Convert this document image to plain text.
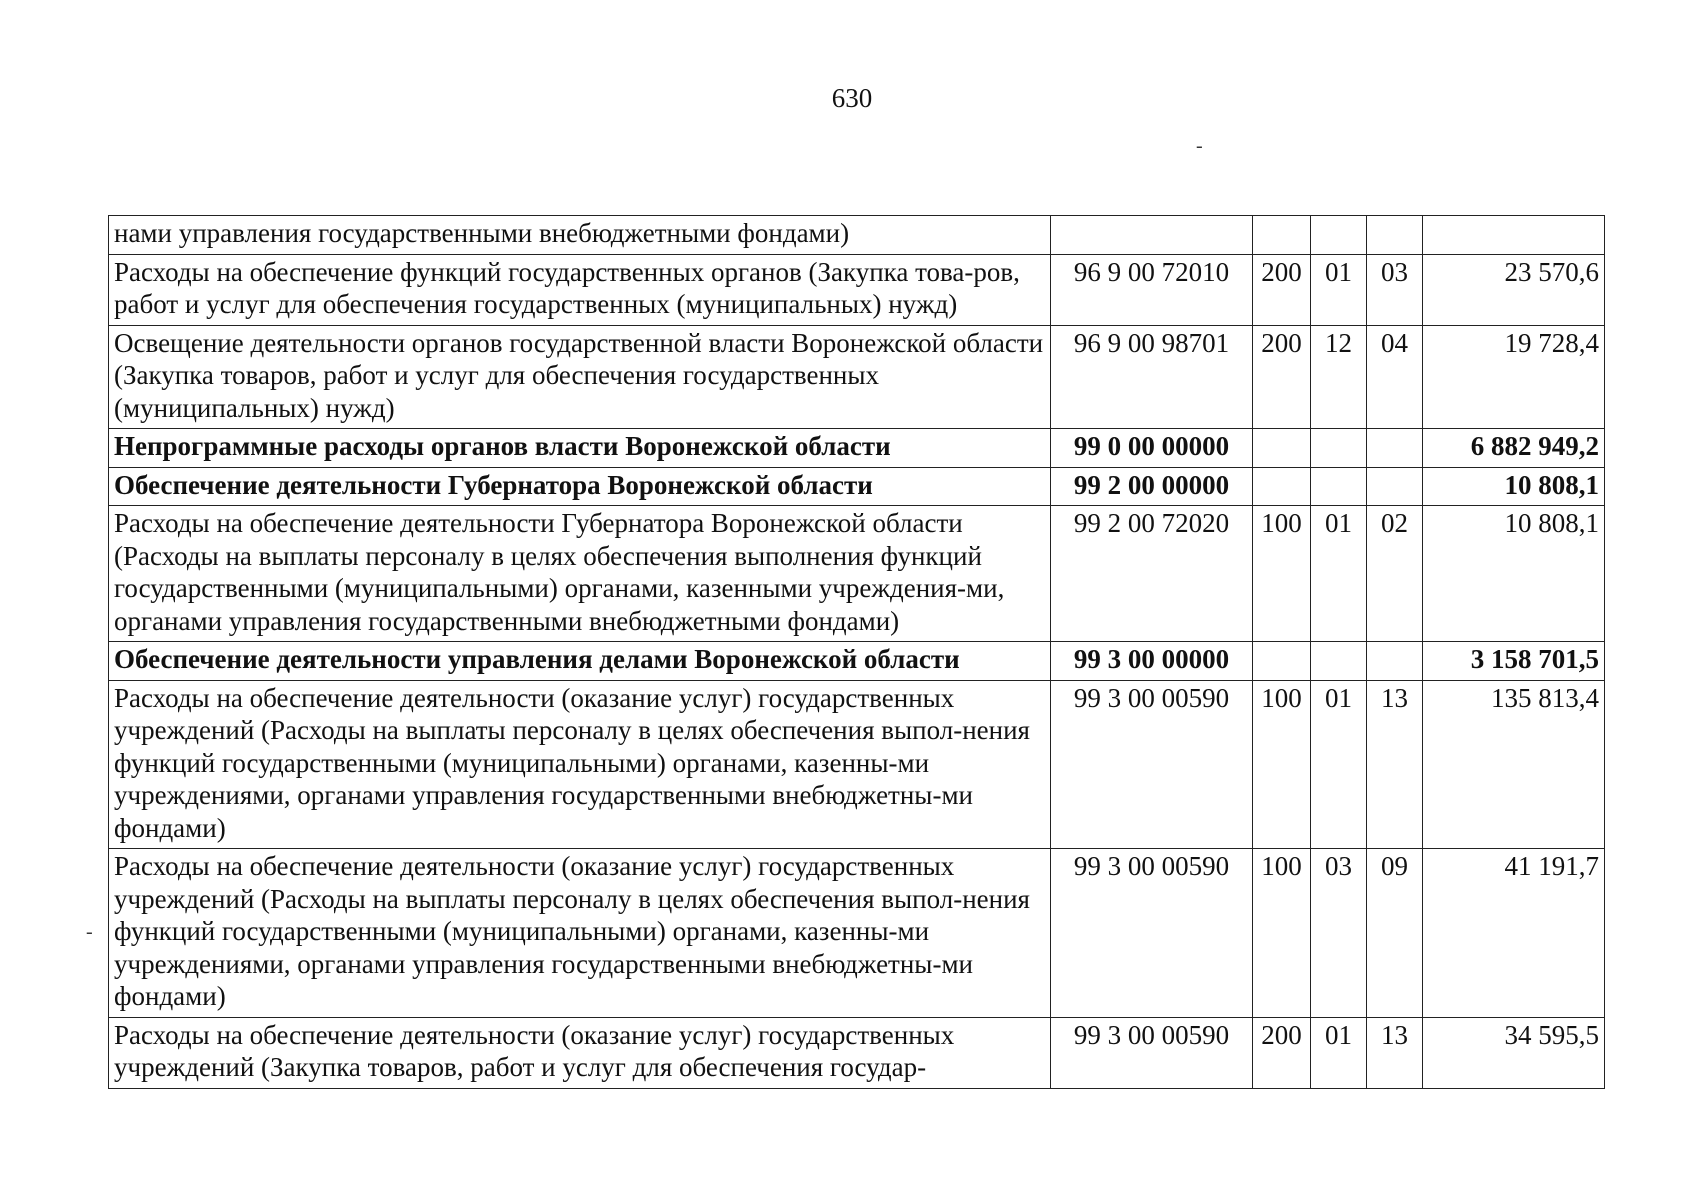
630
‐
‐
нами управления государственными внебюджетными фондами)					
Расходы на обеспечение функций государственных органов (Закупка това-ров, работ и услуг для обеспечения государственных (муниципальных) нужд)	96 9 00 72010	200	01	03	23 570,6
Освещение деятельности органов государственной власти Воронежской области (Закупка товаров, работ и услуг для обеспечения государственных (муниципальных) нужд)	96 9 00 98701	200	12	04	19 728,4
Непрограммные расходы органов власти Воронежской области	99 0 00 00000				6 882 949,2
Обеспечение деятельности Губернатора Воронежской области	99 2 00 00000				10 808,1
Расходы на обеспечение деятельности Губернатора Воронежской области (Расходы на выплаты персоналу в целях обеспечения выполнения функций государственными (муниципальными) органами, казенными учреждения-ми, органами управления государственными внебюджетными фондами)	99 2 00 72020	100	01	02	10 808,1
Обеспечение деятельности управления делами Воронежской области	99 3 00 00000				3 158 701,5
Расходы на обеспечение деятельности (оказание услуг) государственных учреждений (Расходы на выплаты персоналу в целях обеспечения выпол-нения функций государственными (муниципальными) органами, казенны-ми учреждениями, органами управления государственными внебюджетны-ми фондами)	99 3 00 00590	100	01	13	135 813,4
Расходы на обеспечение деятельности (оказание услуг) государственных учреждений (Расходы на выплаты персоналу в целях обеспечения выпол-нения функций государственными (муниципальными) органами, казенны-ми учреждениями, органами управления государственными внебюджетны-ми фондами)	99 3 00 00590	100	03	09	41 191,7
Расходы на обеспечение деятельности (оказание услуг) государственных учреждений (Закупка товаров, работ и услуг для обеспечения государ-	99 3 00 00590	200	01	13	34 595,5
